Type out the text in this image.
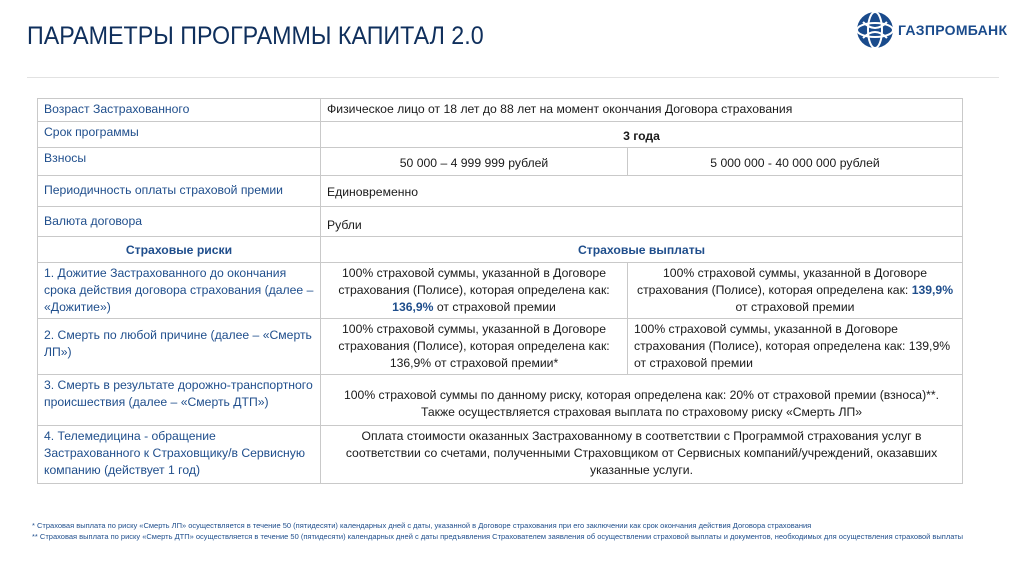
ПАРАМЕТРЫ ПРОГРАММЫ КАПИТАЛ 2.0	ГАЗПРОМБАНК
Возраст Застрахованного	Физическое лицо от 18 лет до 88 лет на момент окончания Договора страхования	
Срок программы	3 года	
Взносы	50 000 – 4 999 999 рублей	5 000 000 - 40 000 000 рублей
Периодичность оплаты страховой премии	Единовременно	
Валюта договора	Рубли	
Страховые риски	Страховые выплаты	
1. Дожитие Застрахованного до окончания срока действия договора страхования (далее – «Дожитие»)	100% страховой суммы, указанной в Договоре страхования (Полисе), которая определена как: 136,9% от страховой премии	100% страховой суммы, указанной в Договоре страхования (Полисе), которая определена как: 139,9% от страховой премии
2. Смерть по любой причине (далее – «Смерть ЛП»)	100% страховой суммы, указанной в Договоре страхования (Полисе), которая определена как: 136,9% от страховой премии*	100% страховой суммы, указанной в Договоре страхования (Полисе), которая определена как: 139,9% от страховой премии
3. Смерть в результате дорожно-транспортного происшествия (далее – «Смерть ДТП»)	100% страховой суммы по данному риску, которая определена как: 20% от страховой премии (взноса)**. Также осуществляется страховая выплата по страховому риску «Смерть ЛП»	
4. Телемедицина - обращение Застрахованного к Страховщику/в Сервисную компанию (действует 1 год)	Оплата стоимости оказанных Застрахованному в соответствии с Программой страхования услуг в соответствии со счетами, полученными Страховщиком от Сервисных компаний/учреждений, оказавших указанные услуги.	
* Страховая выплата по риску «Смерть ЛП» осуществляется в течение 50 (пятидесяти) календарных дней с даты, указанной в Договоре страхования при его заключении как срок окончания действия Договора страхования
** Страховая выплата по риску «Смерть ДТП» осуществляется в течение 50 (пятидесяти) календарных дней с даты предъявления Страхователем заявления об осуществлении страховой выплаты и документов, необходимых для осуществления страховой выплаты
